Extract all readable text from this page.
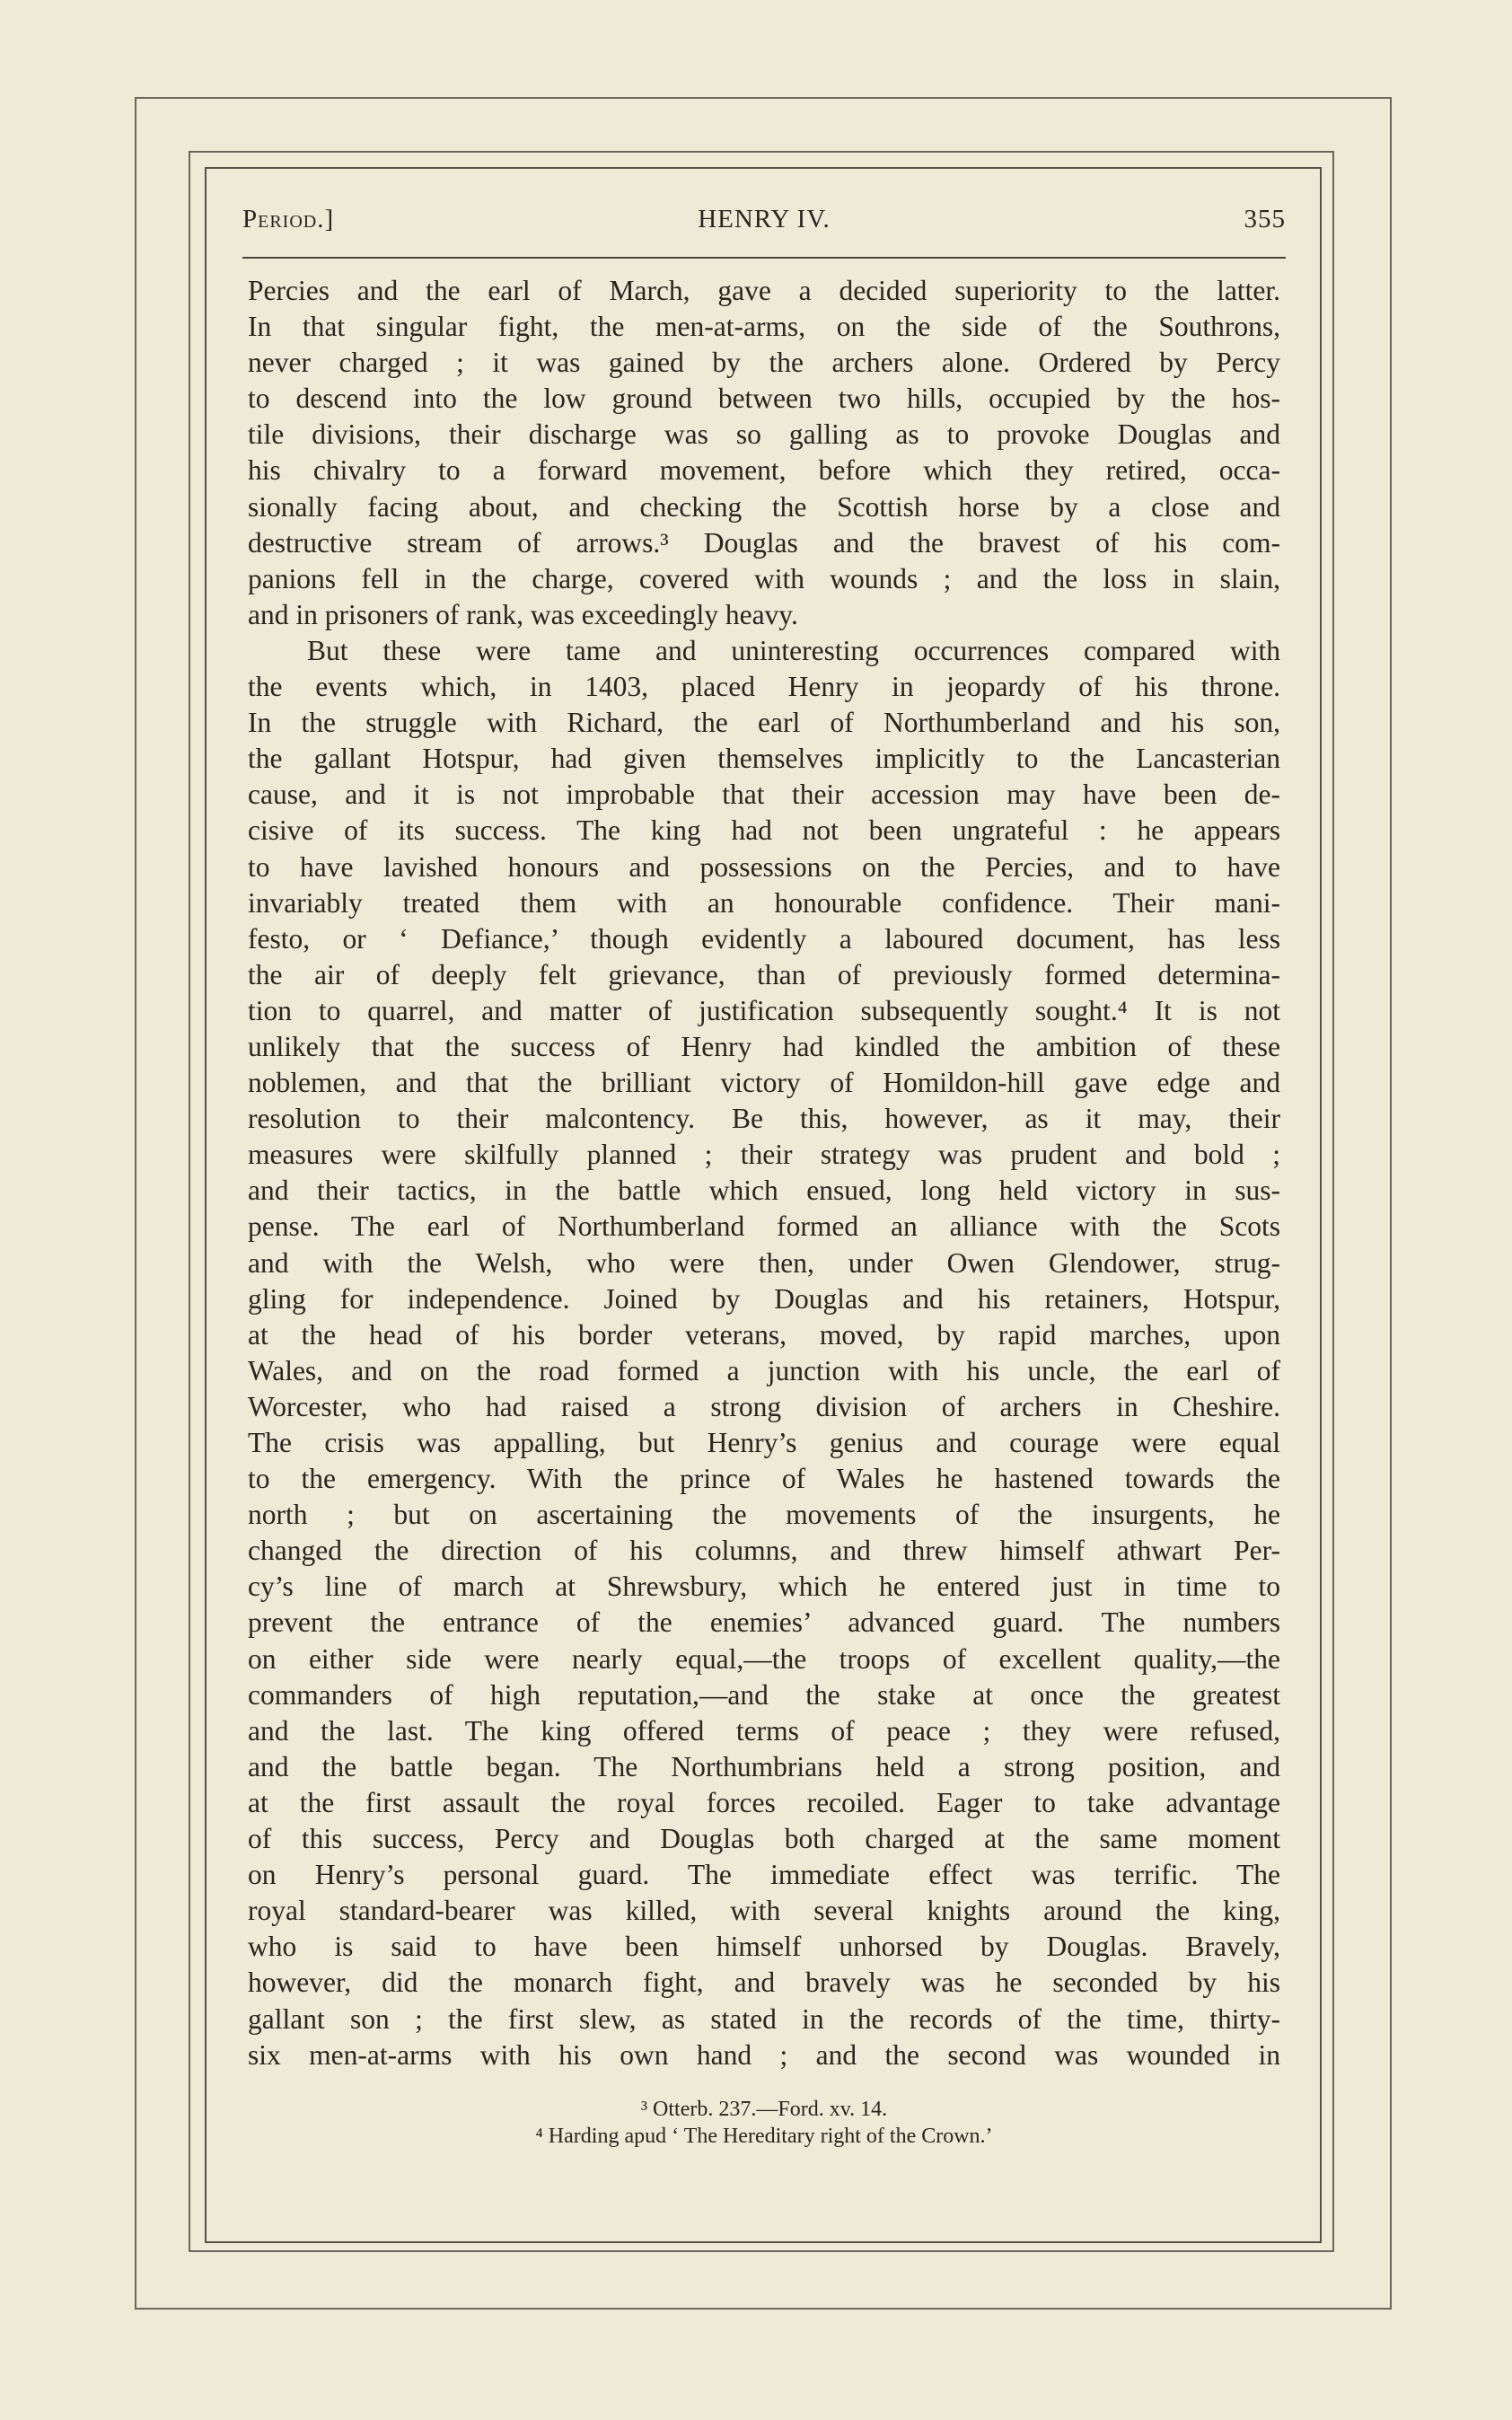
HENRY IV.
Period.]	355
Percies and the earl of March, gave a decided superiority to the latter.
In that singular fight, the men-at-arms, on the side of the Southrons,
never charged ; it was gained by the archers alone. Ordered by Percy
to descend into the low ground between two hills, occupied by the hos-
tile divisions, their discharge was so galling as to provoke Douglas and
his chivalry to a forward movement, before which they retired, occa-
sionally facing about, and checking the Scottish horse by a close and
destructive stream of arrows.³ Douglas and the bravest of his com-
panions fell in the charge, covered with wounds ; and the loss in slain,
and in prisoners of rank, was exceedingly heavy.
But these were tame and uninteresting occurrences compared with
the events which, in 1403, placed Henry in jeopardy of his throne.
In the struggle with Richard, the earl of Northumberland and his son,
the gallant Hotspur, had given themselves implicitly to the Lancasterian
cause, and it is not improbable that their accession may have been de-
cisive of its success. The king had not been ungrateful : he appears
to have lavished honours and possessions on the Percies, and to have
invariably treated them with an honourable confidence. Their mani-
festo, or ‘ Defiance,’ though evidently a laboured document, has less
the air of deeply felt grievance, than of previously formed determina-
tion to quarrel, and matter of justification subsequently sought.⁴ It is not
unlikely that the success of Henry had kindled the ambition of these
noblemen, and that the brilliant victory of Homildon-hill gave edge and
resolution to their malcontency. Be this, however, as it may, their
measures were skilfully planned ; their strategy was prudent and bold ;
and their tactics, in the battle which ensued, long held victory in sus-
pense. The earl of Northumberland formed an alliance with the Scots
and with the Welsh, who were then, under Owen Glendower, strug-
gling for independence. Joined by Douglas and his retainers, Hotspur,
at the head of his border veterans, moved, by rapid marches, upon
Wales, and on the road formed a junction with his uncle, the earl of
Worcester, who had raised a strong division of archers in Cheshire.
The crisis was appalling, but Henry’s genius and courage were equal
to the emergency. With the prince of Wales he hastened towards the
north ; but on ascertaining the movements of the insurgents, he
changed the direction of his columns, and threw himself athwart Per-
cy’s line of march at Shrewsbury, which he entered just in time to
prevent the entrance of the enemies’ advanced guard. The numbers
on either side were nearly equal,—the troops of excellent quality,—the
commanders of high reputation,—and the stake at once the greatest
and the last. The king offered terms of peace ; they were refused,
and the battle began. The Northumbrians held a strong position, and
at the first assault the royal forces recoiled. Eager to take advantage
of this success, Percy and Douglas both charged at the same moment
on Henry’s personal guard. The immediate effect was terrific. The
royal standard-bearer was killed, with several knights around the king,
who is said to have been himself unhorsed by Douglas. Bravely,
however, did the monarch fight, and bravely was he seconded by his
gallant son ; the first slew, as stated in the records of the time, thirty-
six men-at-arms with his own hand ; and the second was wounded in
³ Otterb. 237.—Ford. xv. 14.
⁴ Harding apud ‘ The Hereditary right of the Crown.’
